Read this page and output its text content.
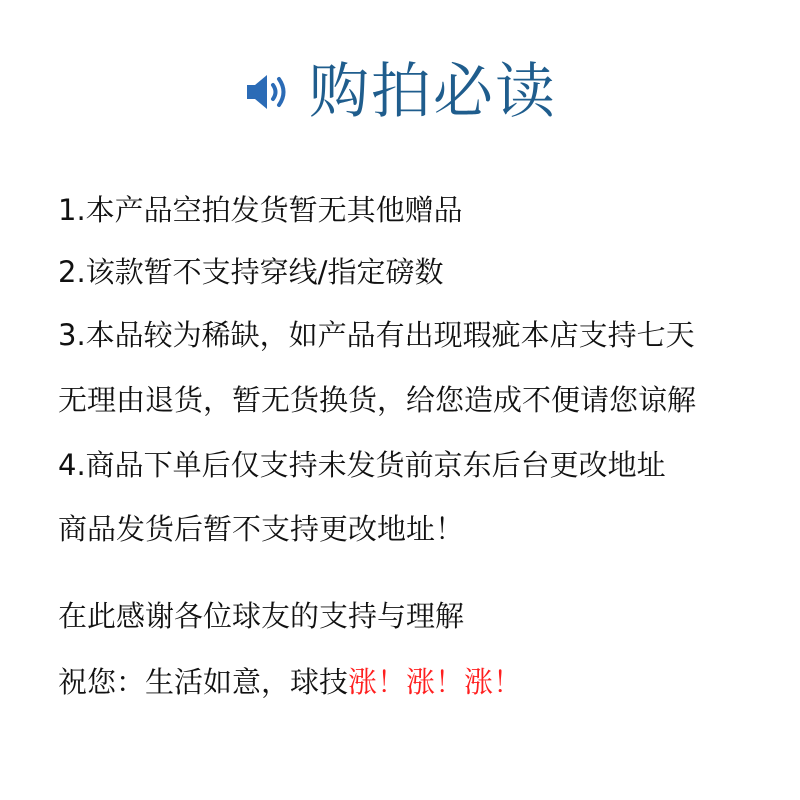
购拍必读
1.本产品空拍发货暂无其他赠品
2.该款暂不支持穿线/指定磅数
3.本品较为稀缺，如产品有出现瑕疵本店支持七天
无理由退货，暂无货换货，给您造成不便请您谅解
4.商品下单后仅支持未发货前京东后台更改地址
商品发货后暂不支持更改地址！
在此感谢各位球友的支持与理解
祝您：生活如意，球技涨！涨！涨！
